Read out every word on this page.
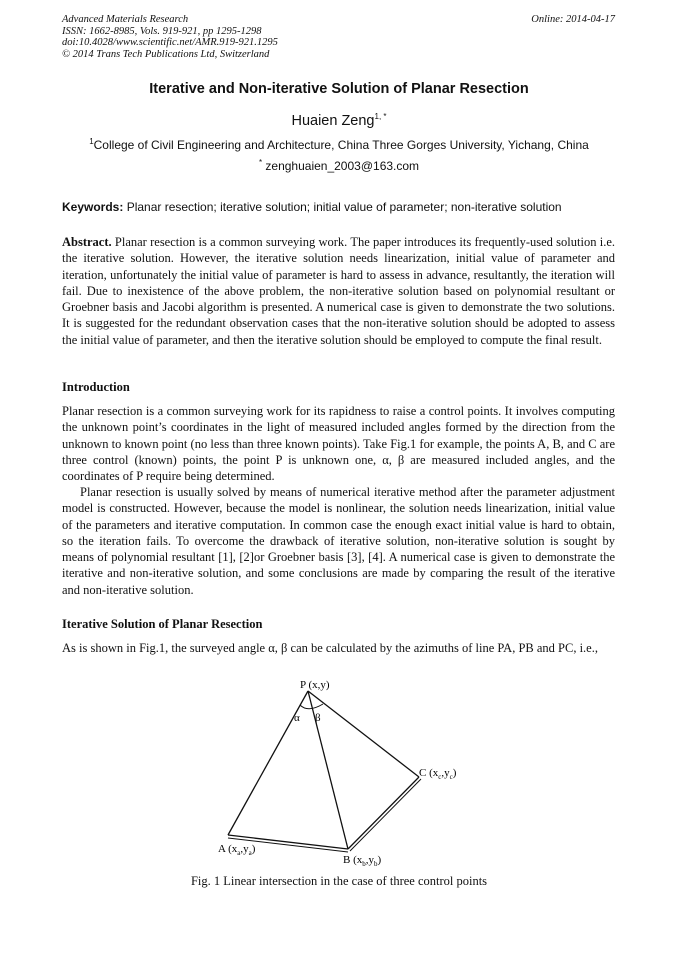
Advanced Materials Research
ISSN: 1662-8985, Vols. 919-921, pp 1295-1298
doi:10.4028/www.scientific.net/AMR.919-921.1295
© 2014 Trans Tech Publications Ltd, Switzerland
Online: 2014-04-17
Iterative and Non-iterative Solution of Planar Resection
Huaien Zeng$^{1, *}$
$^1$College of Civil Engineering and Architecture, China Three Gorges University, Yichang, China
* zenghuaien_2003@163.com
Keywords: Planar resection; iterative solution; initial value of parameter; non-iterative solution

Abstract. Planar resection is a common surveying work. The paper introduces its frequently-used solution i.e. the iterative solution. However, the iterative solution needs linearization, initial value of parameter and iteration, unfortunately the initial value of parameter is hard to assess in advance, resultantly, the iteration will fail. Due to inexistence of the above problem, the non-iterative solution based on polynomial resultant or Groebner basis and Jacobi algorithm is presented. A numerical case is given to demonstrate the two solutions. It is suggested for the redundant observation cases that the non-iterative solution should be adopted to assess the initial value of parameter, and then the iterative solution should be employed to compute the final result.

Introduction

Planar resection is a common surveying work for its rapidness to raise a control points. It involves computing the unknown point’s coordinates in the light of measured included angles formed by the direction from the unknown to known point (no less than three known points). Take Fig.1 for example, the points A, B, and C are three control (known) points, the point P is unknown one, α, β are measured included angles, and the coordinates of P require being determined.

Planar resection is usually solved by means of numerical iterative method after the parameter adjustment model is constructed. However, because the model is nonlinear, the solution needs linearization, initial value of the parameters and iterative computation. In common case the enough exact initial value is hard to obtain, so the iteration fails. To overcome the drawback of iterative solution, non-iterative solution is sought by means of polynomial resultant [1], [2]or Groebner basis [3], [4]. A numerical case is given to demonstrate the iterative and non-iterative solution, and some conclusions are made by comparing the result of the iterative and non-iterative solution.

Iterative Solution of Planar Resection

As is shown in Fig.1, the surveyed angle α, β can be calculated by the azimuths of line PA, PB and PC, i.e.,

P (x,y)
α β
C $(x_c,y_c)$
A $(x_a,y_a)$
B $(x_b,y_b)$
Fig. 1 Linear intersection in the case of three control points
